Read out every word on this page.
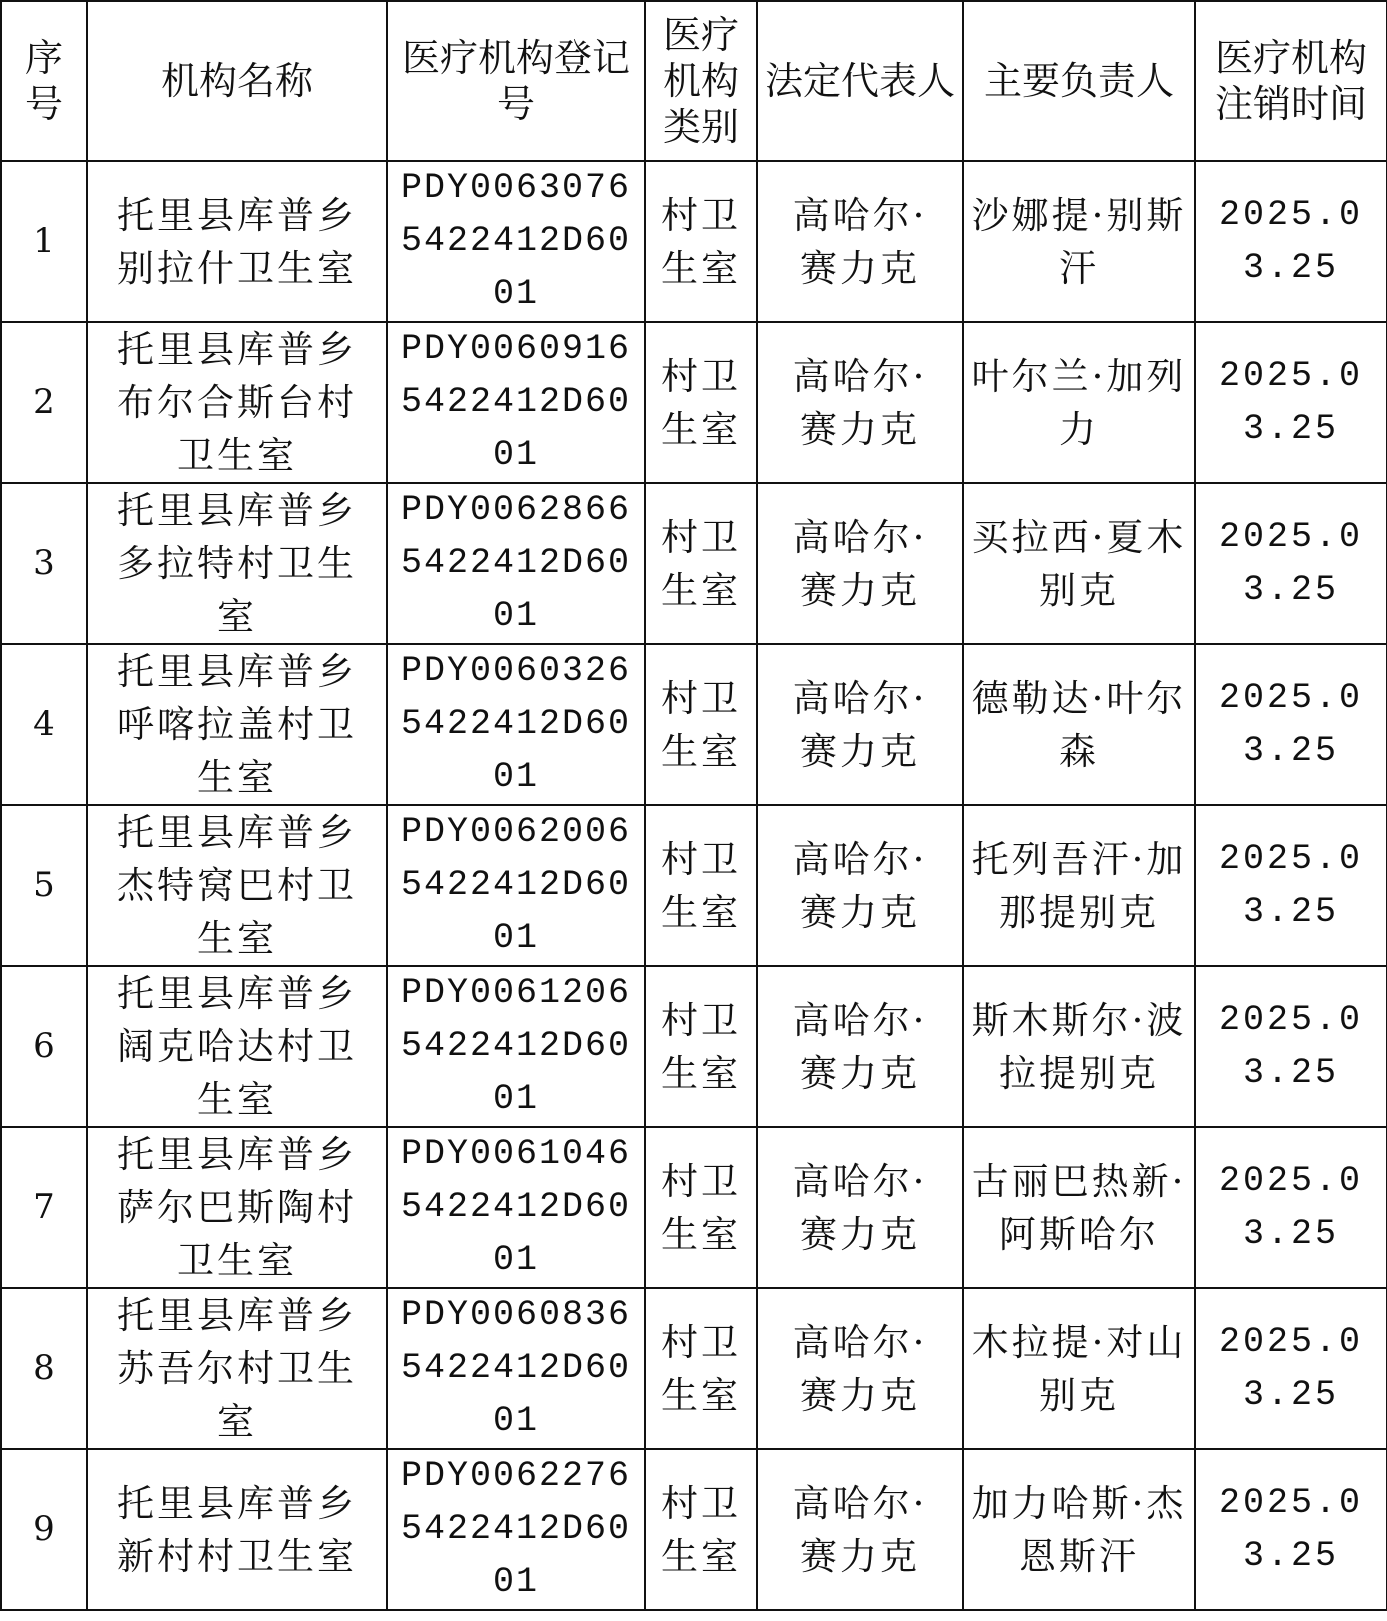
序号	机构名称	医疗机构登记号	医疗机构类别	法定代表人	主要负责人	医疗机构注销时间

1	托里县库普乡别拉什卫生室	PDY00630765422412D6001	村卫生室	高哈尔·赛力克	沙娜提·别斯汗	2025.03.25

2	托里县库普乡布尔合斯台村卫生室	PDY00609165422412D6001	村卫生室	高哈尔·赛力克	叶尔兰·加列力	2025.03.25

3	托里县库普乡多拉特村卫生室	PDY00628665422412D6001	村卫生室	高哈尔·赛力克	买拉西·夏木别克	2025.03.25

4	托里县库普乡呼喀拉盖村卫生室	PDY00603265422412D6001	村卫生室	高哈尔·赛力克	德勒达·叶尔森	2025.03.25

5	托里县库普乡杰特窝巴村卫生室	PDY00620065422412D6001	村卫生室	高哈尔·赛力克	托列吾汗·加那提别克	2025.03.25

6	托里县库普乡阔克哈达村卫生室	PDY00612065422412D6001	村卫生室	高哈尔·赛力克	斯木斯尔·波拉提别克	2025.03.25

7	托里县库普乡萨尔巴斯陶村卫生室	PDY00610465422412D6001	村卫生室	高哈尔·赛力克	古丽巴热新·阿斯哈尔	2025.03.25

8	托里县库普乡苏吾尔村卫生室	PDY00608365422412D6001	村卫生室	高哈尔·赛力克	木拉提·对山别克	2025.03.25

9	托里县库普乡新村村卫生室	PDY00622765422412D6001	村卫生室	高哈尔·赛力克	加力哈斯·杰恩斯汗	2025.03.25
